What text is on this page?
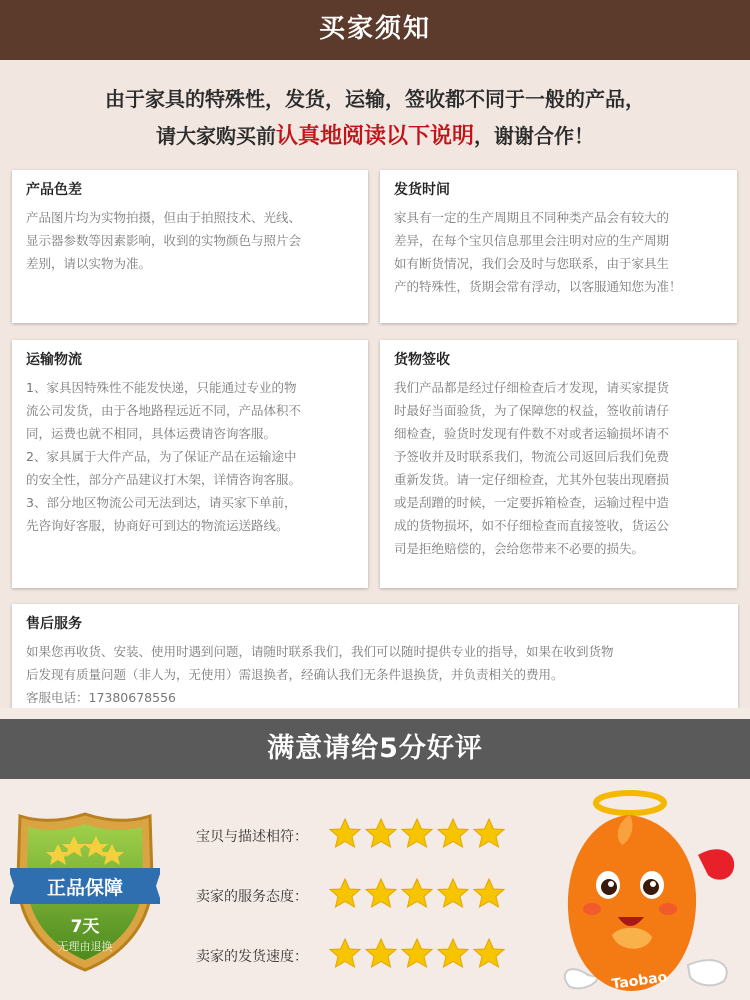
买家须知
由于家具的特殊性，发货，运输，签收都不同于一般的产品，
请大家购买前认真地阅读以下说明，谢谢合作！
产品色差
产品图片均为实物拍摄，但由于拍照技术、光线、
显示器参数等因素影响，收到的实物颜色与照片会
差别，请以实物为准。
发货时间
家具有一定的生产周期且不同种类产品会有较大的
差异，在每个宝贝信息那里会注明对应的生产周期
如有断货情况，我们会及时与您联系，由于家具生
产的特殊性，货期会常有浮动，以客服通知您为准！
运输物流
1、家具因特殊性不能发快递，只能通过专业的物
流公司发货，由于各地路程远近不同，产品体积不
同，运费也就不相同，具体运费请咨询客服。
2、家具属于大件产品，为了保证产品在运输途中
的安全性，部分产品建议打木架，详情咨询客服。
3、部分地区物流公司无法到达，请买家下单前，
先咨询好客服，协商好可到达的物流运送路线。
货物签收
我们产品都是经过仔细检查后才发现，请买家提货
时最好当面验货，为了保障您的权益，签收前请仔
细检查，验货时发现有件数不对或者运输损坏请不
予签收并及时联系我们，物流公司返回后我们免费
重新发货。请一定仔细检查，尤其外包装出现磨损
或是刮蹭的时候，一定要拆箱检查，运输过程中造
成的货物损坏，如不仔细检查而直接签收，货运公
司是拒绝赔偿的，会给您带来不必要的损失。
售后服务
如果您再收货、安装、使用时遇到问题，请随时联系我们，我们可以随时提供专业的指导，如果在收到货物
后发现有质量问题（非人为，无使用）需退换者，经确认我们无条件退换货，并负责相关的费用。
客服电话：17380678556
满意请给5分好评
正品保障
7天
无理由退换
宝贝与描述相符：
卖家的服务态度：
卖家的发货速度：
Taobao
